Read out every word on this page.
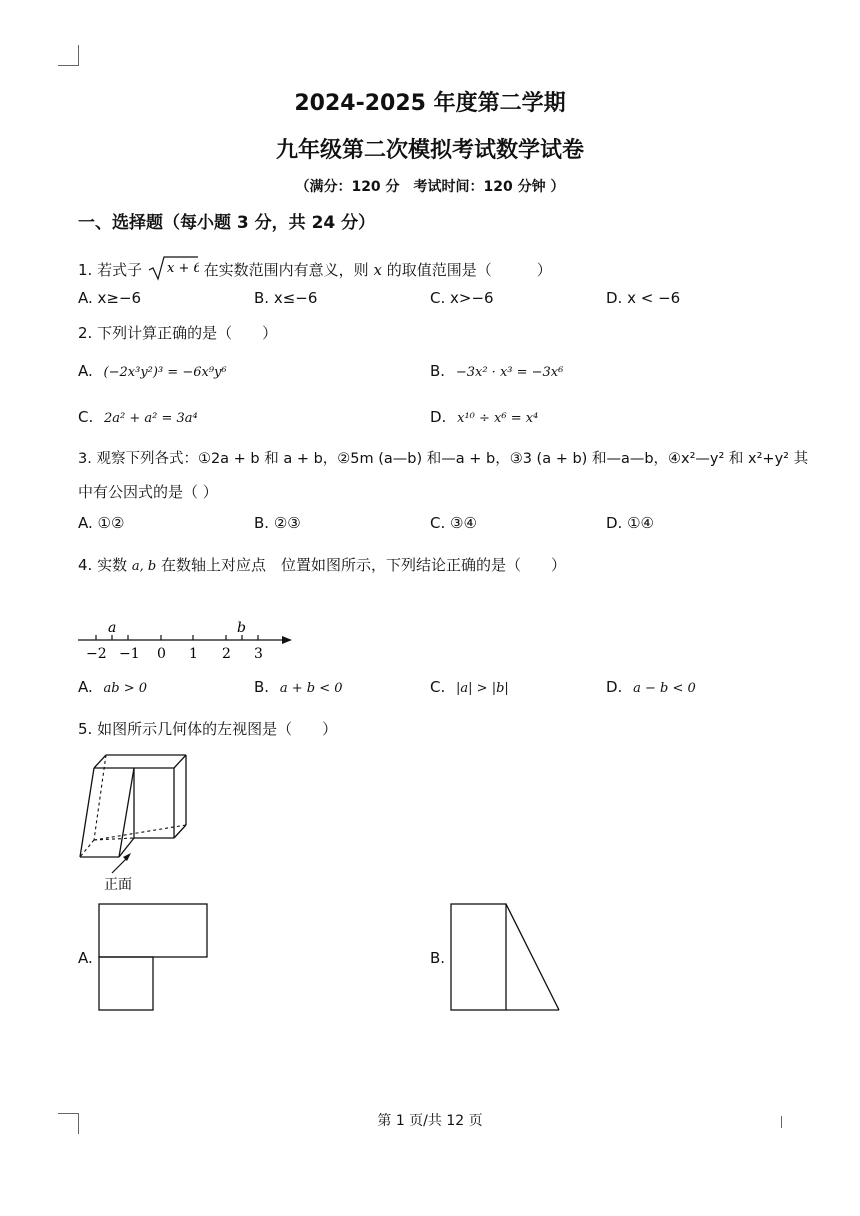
2024-2025 年度第二学期
九年级第二次模拟考试数学试卷
（满分：120 分　考试时间：120 分钟 ）
一、选择题（每小题 3 分，共 24 分）
1. 若式子 x + 6 在实数范围内有意义，则 x 的取值范围是（　　　）
A. x≥−6	B. x≤−6	C. x>−6	D. x < −6
2. 下列计算正确的是（　　）
A. (−2x³y²)³ = −6x⁹y⁶	B. −3x² · x³ = −3x⁶
C. 2a² + a² = 3a⁴	D. x¹⁰ ÷ x⁶ = x⁴
3. 观察下列各式：①2a + b 和 a + b，②5m (a—b) 和—a + b，③3 (a + b) 和—a—b，④x²—y² 和 x²+y² 其
中有公因式的是（ ）
A. ①②	B. ②③	C. ③④	D. ①④
4. 实数 a, b 在数轴上对应点　位置如图所示，下列结论正确的是（　　）
a	b
−2 −1 0 1 2 3
A. ab > 0	B. a + b < 0	C. |a| > |b|	D. a − b < 0
5. 如图所示几何体的左视图是（　　）
正面
A.	B.
第 1 页/共 12 页
